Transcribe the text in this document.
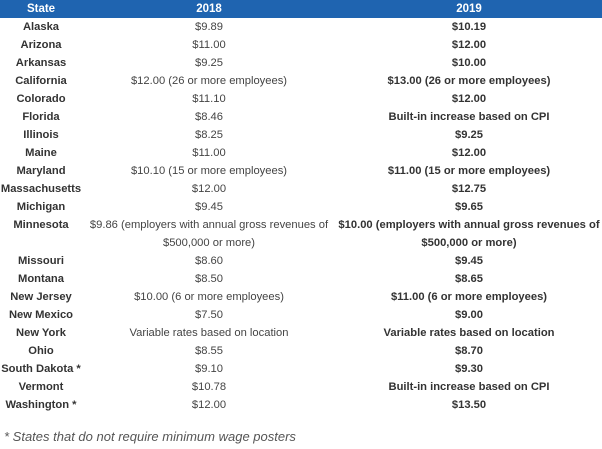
State	2018	2019
Alaska	$9.89	$10.19
Arizona	$11.00	$12.00
Arkansas	$9.25	$10.00
California	$12.00 (26 or more employees)	$13.00 (26 or more employees)
Colorado	$11.10	$12.00
Florida	$8.46	Built-in increase based on CPI
Illinois	$8.25	$9.25
Maine	$11.00	$12.00
Maryland	$10.10 (15 or more employees)	$11.00 (15 or more employees)
Massachusetts	$12.00	$12.75
Michigan	$9.45	$9.65
Minnesota	$9.86 (employers with annual gross revenues of $500,000 or more)	$10.00 (employers with annual gross revenues of $500,000 or more)
Missouri	$8.60	$9.45
Montana	$8.50	$8.65
New Jersey	$10.00 (6 or more employees)	$11.00 (6 or more employees)
New Mexico	$7.50	$9.00
New York	Variable rates based on location	Variable rates based on location
Ohio	$8.55	$8.70
South Dakota *	$9.10	$9.30
Vermont	$10.78	Built-in increase based on CPI
Washington *	$12.00	$13.50
* States that do not require minimum wage posters
